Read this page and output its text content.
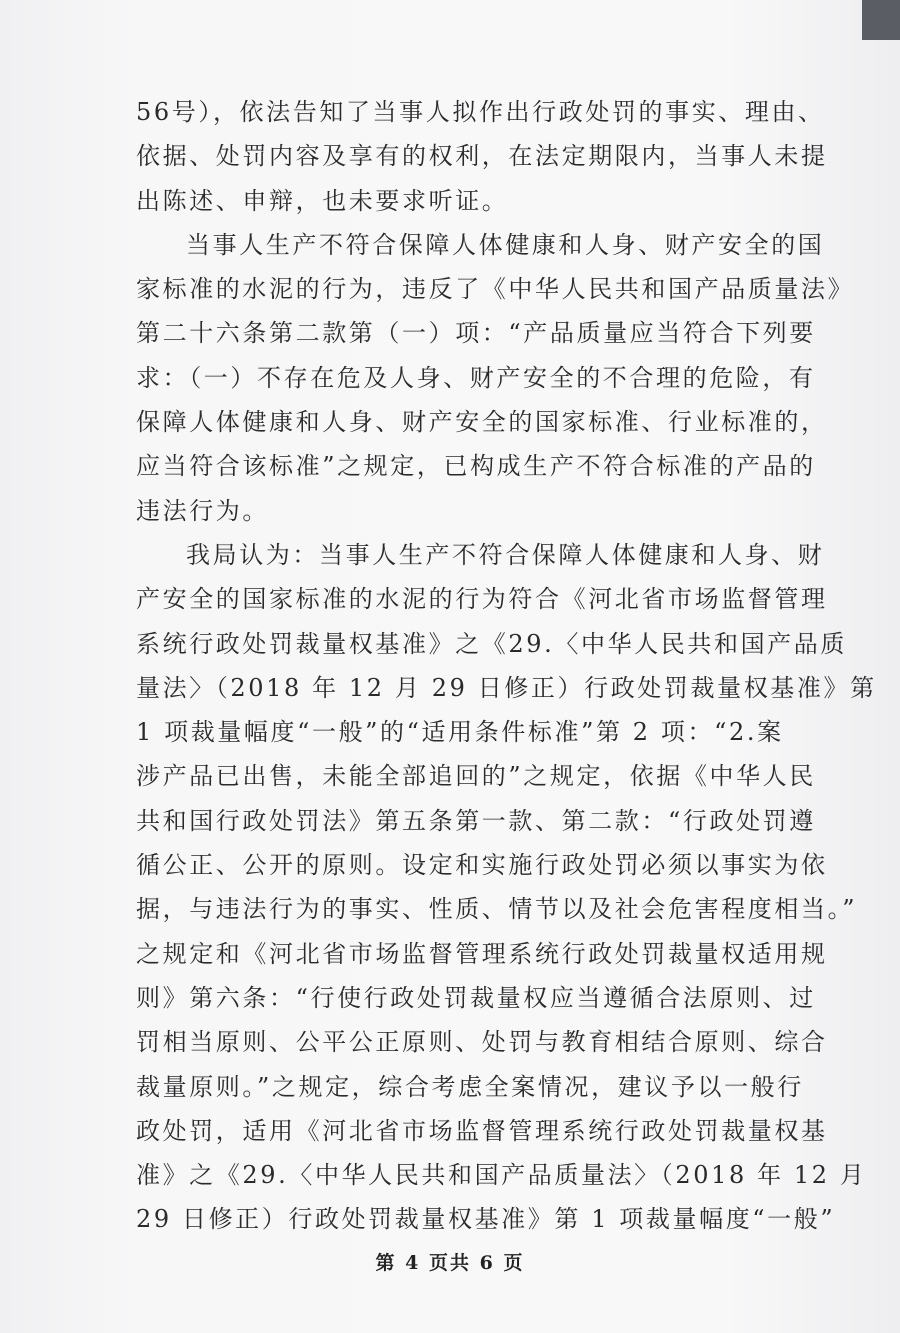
56号），依法告知了当事人拟作出行政处罚的事实、理由、
依据、处罚内容及享有的权利，在法定期限内，当事人未提
出陈述、申辩，也未要求听证。
当事人生产不符合保障人体健康和人身、财产安全的国
家标准的水泥的行为，违反了《中华人民共和国产品质量法》
第二十六条第二款第（一）项：“产品质量应当符合下列要
求：（一）不存在危及人身、财产安全的不合理的危险，有
保障人体健康和人身、财产安全的国家标准、行业标准的，
应当符合该标准”之规定，已构成生产不符合标准的产品的
违法行为。
我局认为：当事人生产不符合保障人体健康和人身、财
产安全的国家标准的水泥的行为符合《河北省市场监督管理
系统行政处罚裁量权基准》之《29.〈中华人民共和国产品质
量法〉（2018 年 12 月 29 日修正）行政处罚裁量权基准》第
1 项裁量幅度“一般”的“适用条件标准”第 2 项：“2.案
涉产品已出售，未能全部追回的”之规定，依据《中华人民
共和国行政处罚法》第五条第一款、第二款：“行政处罚遵
循公正、公开的原则。设定和实施行政处罚必须以事实为依
据，与违法行为的事实、性质、情节以及社会危害程度相当。”
之规定和《河北省市场监督管理系统行政处罚裁量权适用规
则》第六条：“行使行政处罚裁量权应当遵循合法原则、过
罚相当原则、公平公正原则、处罚与教育相结合原则、综合
裁量原则。”之规定，综合考虑全案情况，建议予以一般行
政处罚，适用《河北省市场监督管理系统行政处罚裁量权基
准》之《29.〈中华人民共和国产品质量法〉（2018 年 12 月
29 日修正）行政处罚裁量权基准》第 1 项裁量幅度“一般”
第 4 页共 6 页
